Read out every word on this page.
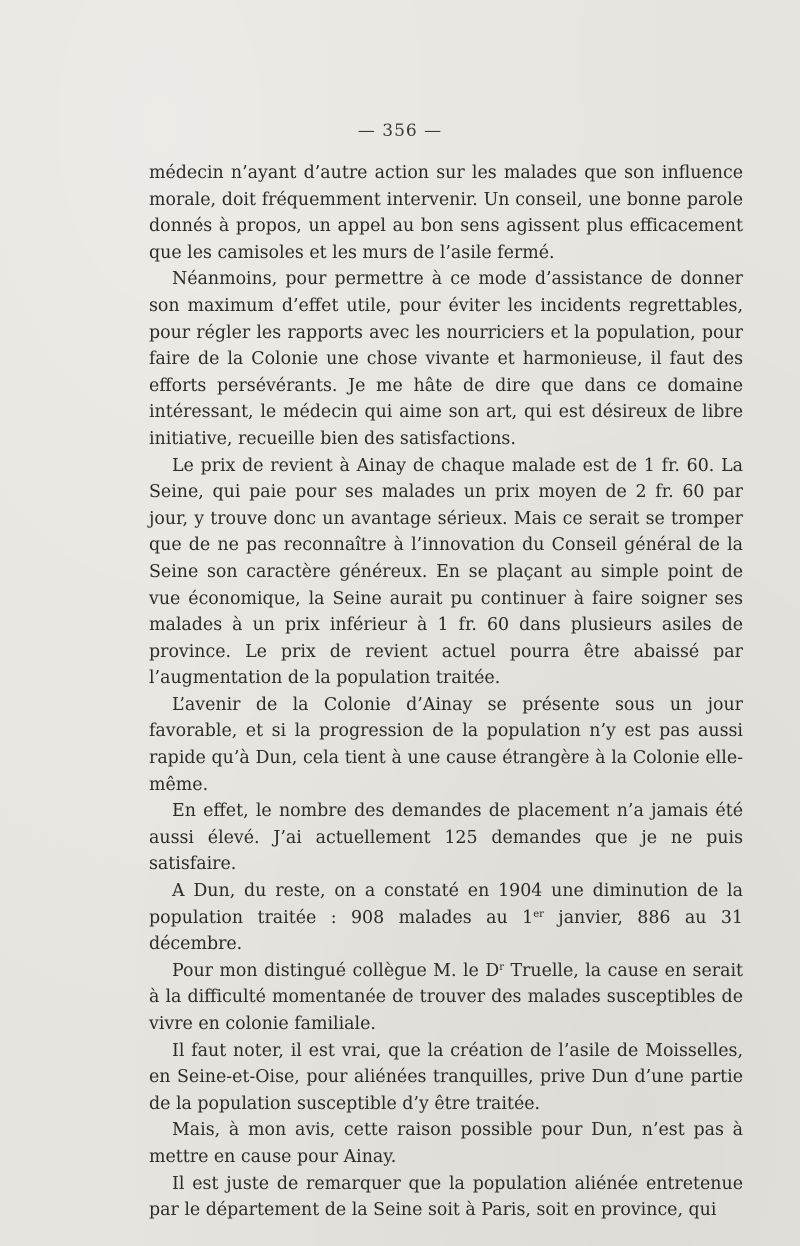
— 356 —

médecin n’ayant d’autre action sur les malades que son influence morale, doit fréquemment intervenir. Un conseil, une bonne parole donnés à propos, un appel au bon sens agissent plus efficacement que les camisoles et les murs de l’asile fermé.

Néanmoins, pour permettre à ce mode d’assistance de donner son maximum d’effet utile, pour éviter les incidents regrettables, pour régler les rapports avec les nourriciers et la population, pour faire de la Colonie une chose vivante et harmonieuse, il faut des efforts persévérants. Je me hâte de dire que dans ce domaine intéressant, le médecin qui aime son art, qui est désireux de libre initiative, recueille bien des satisfactions.

Le prix de revient à Ainay de chaque malade est de 1 fr. 60. La Seine, qui paie pour ses malades un prix moyen de 2 fr. 60 par jour, y trouve donc un avantage sérieux. Mais ce serait se tromper que de ne pas reconnaître à l’innovation du Conseil général de la Seine son caractère généreux. En se plaçant au simple point de vue économique, la Seine aurait pu continuer à faire soigner ses malades à un prix inférieur à 1 fr. 60 dans plusieurs asiles de province. Le prix de revient actuel pourra être abaissé par l’augmentation de la population traitée.

L’avenir de la Colonie d’Ainay se présente sous un jour favorable, et si la progression de la population n’y est pas aussi rapide qu’à Dun, cela tient à une cause étrangère à la Colonie elle-même.

En effet, le nombre des demandes de placement n’a jamais été aussi élevé. J’ai actuellement 125 demandes que je ne puis satisfaire.

A Dun, du reste, on a constaté en 1904 une diminution de la population traitée : 908 malades au 1er janvier, 886 au 31 décembre.

Pour mon distingué collègue M. le $D^r$ Truelle, la cause en serait à la difficulté momentanée de trouver des malades susceptibles de vivre en colonie familiale.

Il faut noter, il est vrai, que la création de l’asile de Moisselles, en Seine-et-Oise, pour aliénées tranquilles, prive Dun d’une partie de la population susceptible d’y être traitée.

Mais, à mon avis, cette raison possible pour Dun, n’est pas à mettre en cause pour Ainay.

Il est juste de remarquer que la population aliénée entretenue par le département de la Seine soit à Paris, soit en province, qui
